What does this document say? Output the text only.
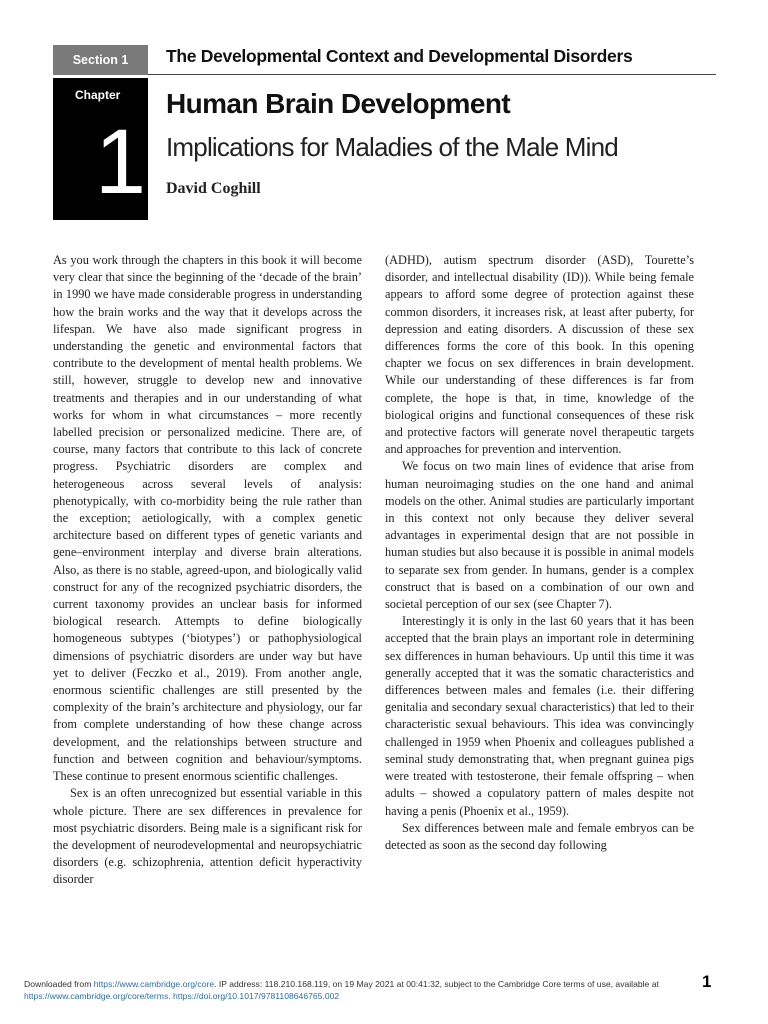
Section 1	The Developmental Context and Developmental Disorders
Chapter
1
Human Brain Development
Implications for Maladies of the Male Mind
David Coghill

As you work through the chapters in this book it will become very clear that since the beginning of the ‘decade of the brain’ in 1990 we have made considerable progress in understanding how the brain works and the way that it develops across the lifespan. We have also made significant progress in understanding the genetic and environmental factors that contribute to the development of mental health problems. We still, however, struggle to develop new and innovative treatments and therapies and in our understanding of what works for whom in what circumstances – more recently labelled precision or personalized medicine. There are, of course, many factors that contribute to this lack of concrete progress. Psychiatric disorders are complex and heterogeneous across several levels of analysis: phenotypically, with co-morbidity being the rule rather than the exception; aetiologically, with a complex genetic architecture based on different types of genetic variants and gene–environment interplay and diverse brain alterations. Also, as there is no stable, agreed-upon, and biologically valid construct for any of the recognized psychiatric disorders, the current taxonomy provides an unclear basis for informed biological research. Attempts to define biologically homogeneous subtypes (‘biotypes’) or pathophysiological dimensions of psychiatric disorders are under way but have yet to deliver (Feczko et al., 2019). From another angle, enormous scientific challenges are still presented by the complexity of the brain’s architecture and physiology, our far from complete understanding of how these change across development, and the relationships between structure and function and between cognition and behaviour/symptoms. These continue to present enormous scientific challenges.

Sex is an often unrecognized but essential variable in this whole picture. There are sex differences in prevalence for most psychiatric disorders. Being male is a significant risk for the development of neurodevelopmental and neuropsychiatric disorders (e.g. schizophrenia, attention deficit hyperactivity disorder

(ADHD), autism spectrum disorder (ASD), Tourette’s disorder, and intellectual disability (ID)). While being female appears to afford some degree of protection against these common disorders, it increases risk, at least after puberty, for depression and eating disorders. A discussion of these sex differences forms the core of this book. In this opening chapter we focus on sex differences in brain development. While our understanding of these differences is far from complete, the hope is that, in time, knowledge of the biological origins and functional consequences of these risk and protective factors will generate novel therapeutic targets and approaches for prevention and intervention.

We focus on two main lines of evidence that arise from human neuroimaging studies on the one hand and animal models on the other. Animal studies are particularly important in this context not only because they deliver several advantages in experimental design that are not possible in human studies but also because it is possible in animal models to separate sex from gender. In humans, gender is a complex construct that is based on a combination of our own and societal perception of our sex (see Chapter 7).

Interestingly it is only in the last 60 years that it has been accepted that the brain plays an important role in determining sex differences in human behaviours. Up until this time it was generally accepted that it was the somatic characteristics and differences between males and females (i.e. their differing genitalia and secondary sexual characteristics) that led to their characteristic sexual behaviours. This idea was convincingly challenged in 1959 when Phoenix and colleagues published a seminal study demonstrating that, when pregnant guinea pigs were treated with testosterone, their female offspring – when adults – showed a copulatory pattern of males despite not having a penis (Phoenix et al., 1959).

Sex differences between male and female embryos can be detected as soon as the second day following

Downloaded from https://www.cambridge.org/core. IP address: 118.210.168.119, on 19 May 2021 at 00:41:32, subject to the Cambridge Core terms of use, available at https://www.cambridge.org/core/terms. https://doi.org/10.1017/9781108646765.002
1
